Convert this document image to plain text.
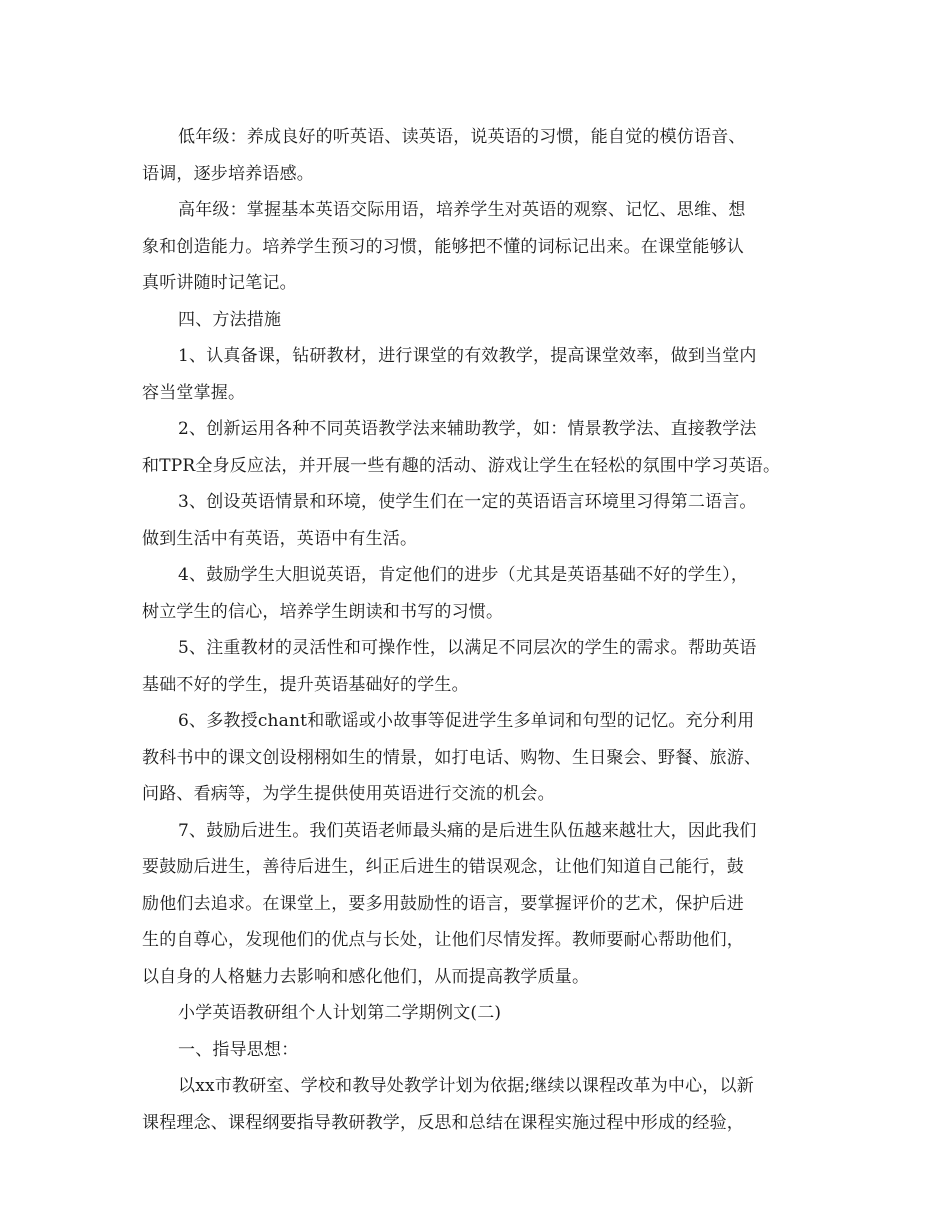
低年级：养成良好的听英语、读英语，说英语的习惯，能自觉的模仿语音、
语调，逐步培养语感。
高年级：掌握基本英语交际用语，培养学生对英语的观察、记忆、思维、想
象和创造能力。培养学生预习的习惯，能够把不懂的词标记出来。在课堂能够认
真听讲随时记笔记。
四、方法措施
1、认真备课，钻研教材，进行课堂的有效教学，提高课堂效率，做到当堂内
容当堂掌握。
2、创新运用各种不同英语教学法来辅助教学，如：情景教学法、直接教学法
和TPR全身反应法，并开展一些有趣的活动、游戏让学生在轻松的氛围中学习英语。
3、创设英语情景和环境，使学生们在一定的英语语言环境里习得第二语言。
做到生活中有英语，英语中有生活。
4、鼓励学生大胆说英语，肯定他们的进步（尤其是英语基础不好的学生），
树立学生的信心，培养学生朗读和书写的习惯。
5、注重教材的灵活性和可操作性，以满足不同层次的学生的需求。帮助英语
基础不好的学生，提升英语基础好的学生。
6、多教授chant和歌谣或小故事等促进学生多单词和句型的记忆。充分利用
教科书中的课文创设栩栩如生的情景，如打电话、购物、生日聚会、野餐、旅游、
问路、看病等，为学生提供使用英语进行交流的机会。
7、鼓励后进生。我们英语老师最头痛的是后进生队伍越来越壮大，因此我们
要鼓励后进生，善待后进生，纠正后进生的错误观念，让他们知道自己能行，鼓
励他们去追求。在课堂上，要多用鼓励性的语言，要掌握评价的艺术，保护后进
生的自尊心，发现他们的优点与长处，让他们尽情发挥。教师要耐心帮助他们，
以自身的人格魅力去影响和感化他们，从而提高教学质量。
小学英语教研组个人计划第二学期例文(二)
一、指导思想：
以xx市教研室、学校和教导处教学计划为依据;继续以课程改革为中心，以新
课程理念、课程纲要指导教研教学，反思和总结在课程实施过程中形成的经验，
